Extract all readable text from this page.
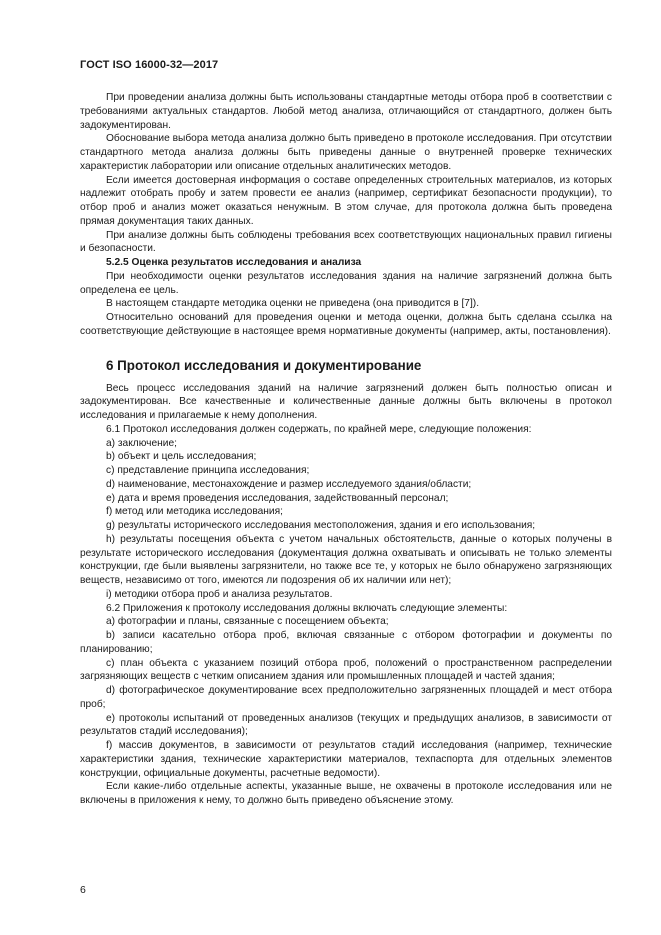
ГОСТ ISO 16000-32—2017

При проведении анализа должны быть использованы стандартные методы отбора проб в соответствии с требованиями актуальных стандартов. Любой метод анализа, отличающийся от стандартного, должен быть задокументирован.

Обоснование выбора метода анализа должно быть приведено в протоколе исследования. При отсутствии стандартного метода анализа должны быть приведены данные о внутренней проверке технических характеристик лаборатории или описание отдельных аналитических методов.

Если имеется достоверная информация о составе определенных строительных материалов, из которых надлежит отобрать пробу и затем провести ее анализ (например, сертификат безопасности продукции), то отбор проб и анализ может оказаться ненужным. В этом случае, для протокола должна быть проведена прямая документация таких данных.

При анализе должны быть соблюдены требования всех соответствующих национальных правил гигиены и безопасности.

5.2.5 Оценка результатов исследования и анализа

При необходимости оценки результатов исследования здания на наличие загрязнений должна быть определена ее цель.

В настоящем стандарте методика оценки не приведена (она приводится в [7]).

Относительно оснований для проведения оценки и метода оценки, должна быть сделана ссылка на соответствующие действующие в настоящее время нормативные документы (например, акты, постановления).

6 Протокол исследования и документирование

Весь процесс исследования зданий на наличие загрязнений должен быть полностью описан и задокументирован. Все качественные и количественные данные должны быть включены в протокол исследования и прилагаемые к нему дополнения.

6.1 Протокол исследования должен содержать, по крайней мере, следующие положения:

a) заключение;

b) объект и цель исследования;

c) представление принципа исследования;

d) наименование, местонахождение и размер исследуемого здания/области;

e) дата и время проведения исследования, задействованный персонал;

f) метод или методика исследования;

g) результаты исторического исследования местоположения, здания и его использования;

h) результаты посещения объекта с учетом начальных обстоятельств, данные о которых получены в результате исторического исследования (документация должна охватывать и описывать не только элементы конструкции, где были выявлены загрязнители, но также все те, у которых не было обнаружено загрязняющих веществ, независимо от того, имеются ли подозрения об их наличии или нет);

i) методики отбора проб и анализа результатов.

6.2 Приложения к протоколу исследования должны включать следующие элементы:

a) фотографии и планы, связанные с посещением объекта;

b) записи касательно отбора проб, включая связанные с отбором фотографии и документы по планированию;

c) план объекта с указанием позиций отбора проб, положений о пространственном распределении загрязняющих веществ с четким описанием здания или промышленных площадей и частей здания;

d) фотографическое документирование всех предположительно загрязненных площадей и мест отбора проб;

e) протоколы испытаний от проведенных анализов (текущих и предыдущих анализов, в зависимости от результатов стадий исследования);

f) массив документов, в зависимости от результатов стадий исследования (например, технические характеристики здания, технические характеристики материалов, техпаспорта для отдельных элементов конструкции, официальные документы, расчетные ведомости).

Если какие-либо отдельные аспекты, указанные выше, не охвачены в протоколе исследования или не включены в приложения к нему, то должно быть приведено объяснение этому.

6
